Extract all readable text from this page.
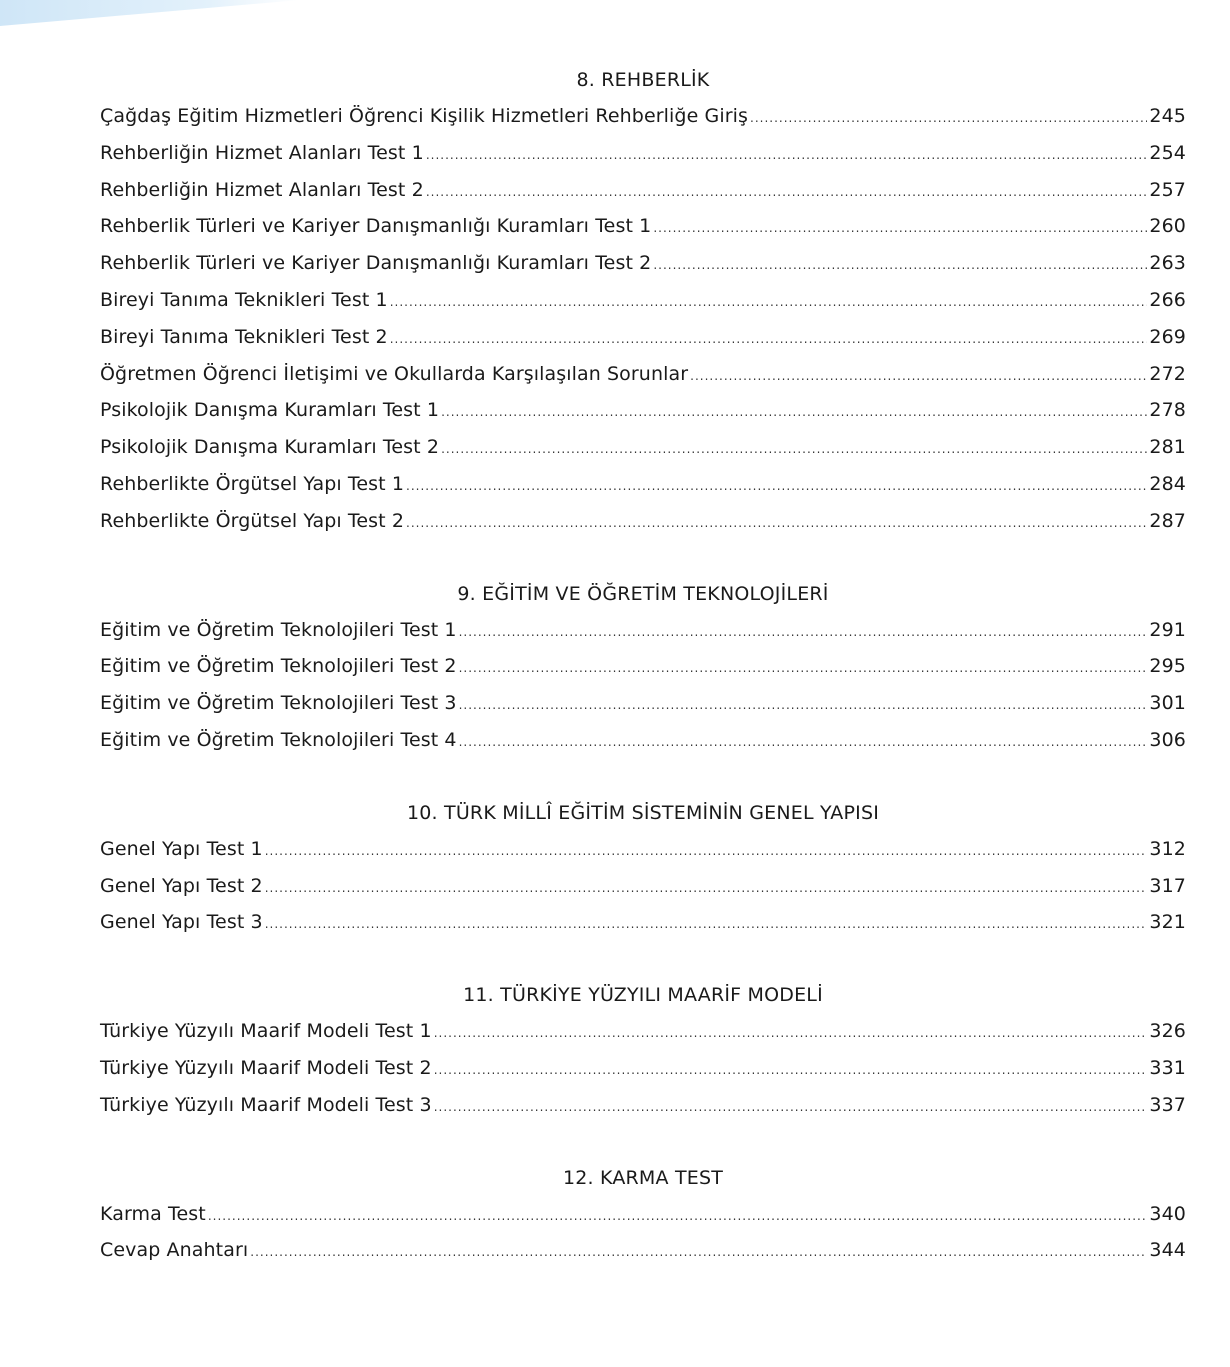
8. REHBERLİK
Çağdaş Eğitim Hizmetleri Öğrenci Kişilik Hizmetleri Rehberliğe Giriş .....	245
Rehberliğin Hizmet Alanları Test 1 .....	254
Rehberliğin Hizmet Alanları Test 2 .....	257
Rehberlik Türleri ve Kariyer Danışmanlığı Kuramları Test 1 .....	260
Rehberlik Türleri ve Kariyer Danışmanlığı Kuramları Test 2 .....	263
Bireyi Tanıma Teknikleri Test 1 .....	266
Bireyi Tanıma Teknikleri Test 2 .....	269
Öğretmen Öğrenci İletişimi ve Okullarda Karşılaşılan Sorunlar .....	272
Psikolojik Danışma Kuramları Test 1 .....	278
Psikolojik Danışma Kuramları Test 2 .....	281
Rehberlikte Örgütsel Yapı Test 1 .....	284
Rehberlikte Örgütsel Yapı Test 2 .....	287
9. EĞİTİM VE ÖĞRETİM TEKNOLOJİLERİ
Eğitim ve Öğretim Teknolojileri Test 1 .....	291
Eğitim ve Öğretim Teknolojileri Test 2 .....	295
Eğitim ve Öğretim Teknolojileri Test 3 .....	301
Eğitim ve Öğretim Teknolojileri Test 4 .....	306
10. TÜRK MİLLÎ EĞİTİM SİSTEMİNİN GENEL YAPISI
Genel Yapı Test 1 .....	312
Genel Yapı Test 2 .....	317
Genel Yapı Test 3 .....	321
11. TÜRKİYE YÜZYILI MAARİF MODELİ
Türkiye Yüzyılı Maarif Modeli Test 1 .....	326
Türkiye Yüzyılı Maarif Modeli Test 2 .....	331
Türkiye Yüzyılı Maarif Modeli Test 3 .....	337
12. KARMA TEST
Karma Test .....	340
Cevap Anahtarı .....	344
